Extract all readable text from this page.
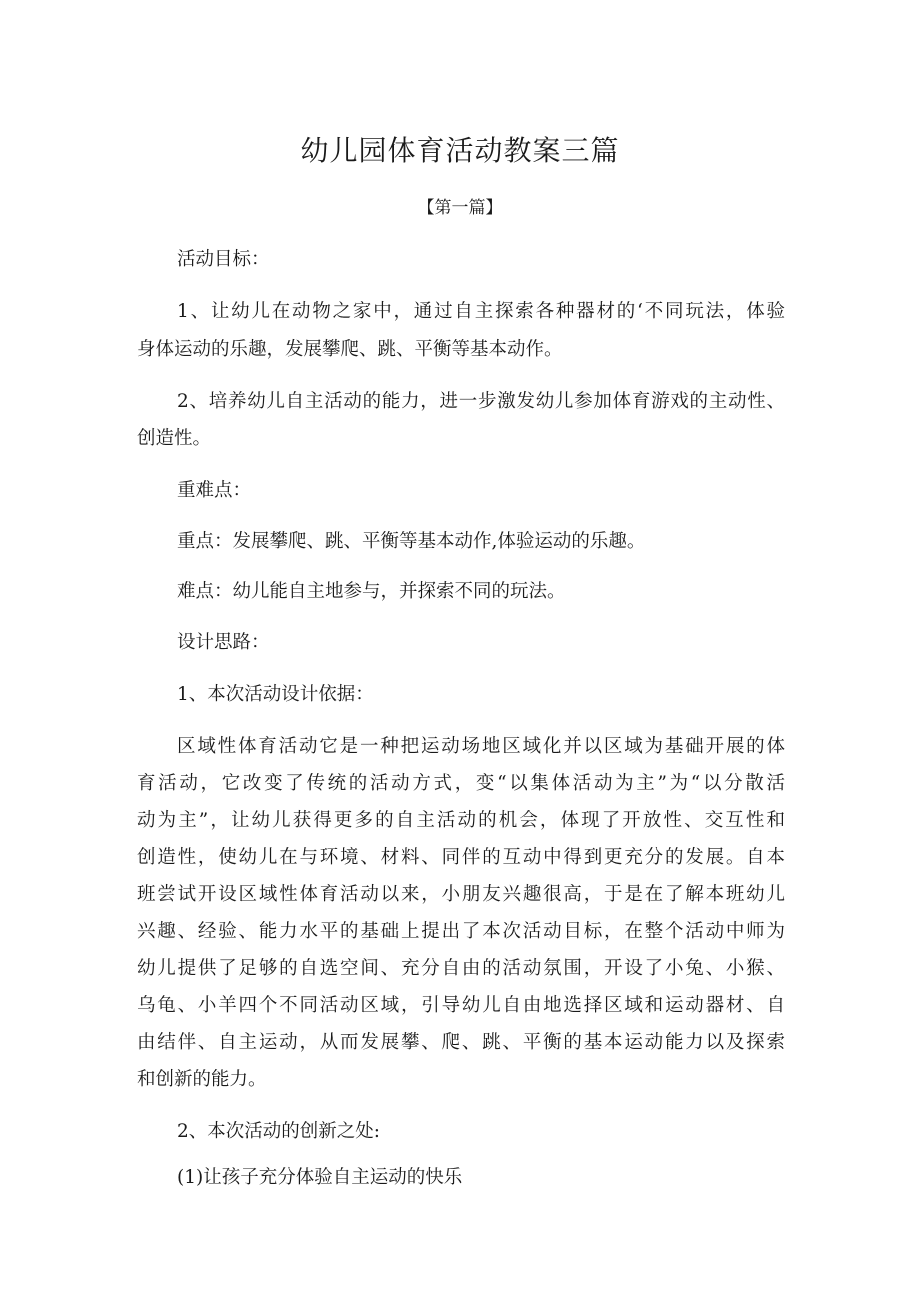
幼儿园体育活动教案三篇

【第一篇】

活动目标：

1、让幼儿在动物之家中，通过自主探索各种器材的‘不同玩法，体验

身体运动的乐趣，发展攀爬、跳、平衡等基本动作。

2、培养幼儿自主活动的能力，进一步激发幼儿参加体育游戏的主动性、

创造性。

重难点：

重点：发展攀爬、跳、平衡等基本动作,体验运动的乐趣。

难点：幼儿能自主地参与，并探索不同的玩法。

设计思路：

1、本次活动设计依据：

区域性体育活动它是一种把运动场地区域化并以区域为基础开展的体

育活动，它改变了传统的活动方式，变“以集体活动为主”为“以分散活

动为主”，让幼儿获得更多的自主活动的机会，体现了开放性、交互性和

创造性，使幼儿在与环境、材料、同伴的互动中得到更充分的发展。自本

班尝试开设区域性体育活动以来，小朋友兴趣很高，于是在了解本班幼儿

兴趣、经验、能力水平的基础上提出了本次活动目标，在整个活动中师为

幼儿提供了足够的自选空间、充分自由的活动氛围，开设了小兔、小猴、

乌龟、小羊四个不同活动区域，引导幼儿自由地选择区域和运动器材、自

由结伴、自主运动，从而发展攀、爬、跳、平衡的基本运动能力以及探索

和创新的能力。

2、本次活动的创新之处:

(1)让孩子充分体验自主运动的快乐
